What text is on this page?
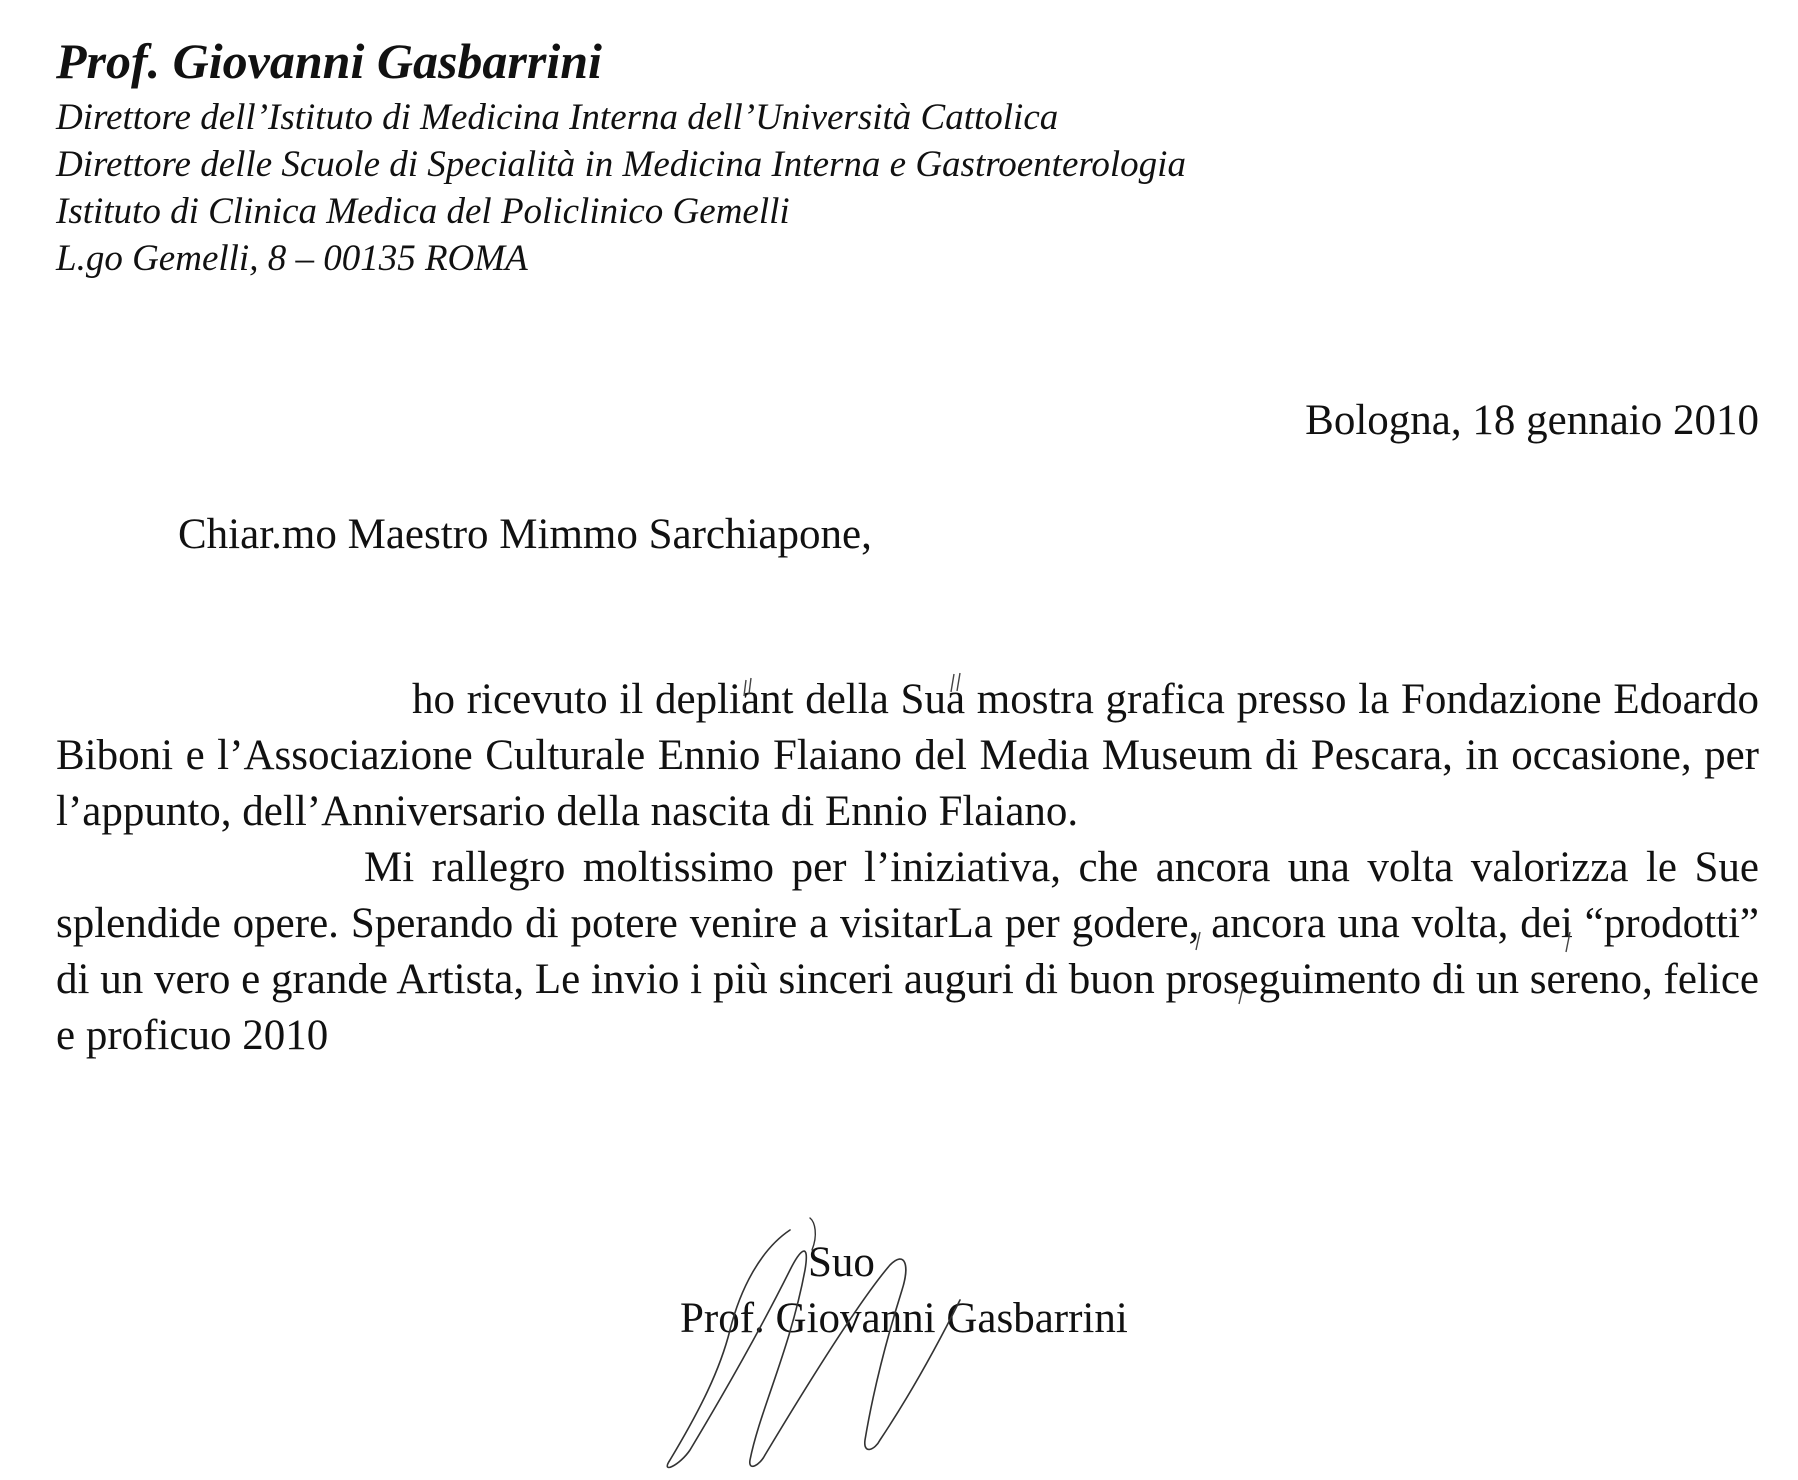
Prof. Giovanni Gasbarrini

Direttore dell’Istituto di Medicina Interna dell’Università Cattolica

Direttore delle Scuole di Specialità in Medicina Interna e Gastroenterologia

Istituto di Clinica Medica del Policlinico Gemelli

L.go Gemelli, 8 – 00135 ROMA

Bologna, 18 gennaio 2010
Chiar.mo Maestro Mimmo Sarchiapone,

ho ricevuto il depliant della Sua mostra grafica presso la Fondazione Edoardo Biboni e l’Associazione Culturale Ennio Flaiano del Media Museum di Pescara, in occasione, per l’appunto, dell’Anniversario della nascita di Ennio Flaiano.

Mi rallegro moltissimo per l’iniziativa, che ancora una volta valorizza le Sue splendide opere. Sperando di potere venire a visitarLa per godere, ancora una volta, dei “prodotti” di un vero e grande Artista, Le invio i più sinceri auguri di buon proseguimento di un sereno, felice e proficuo 2010

Suo
Prof. Giovanni Gasbarrini
